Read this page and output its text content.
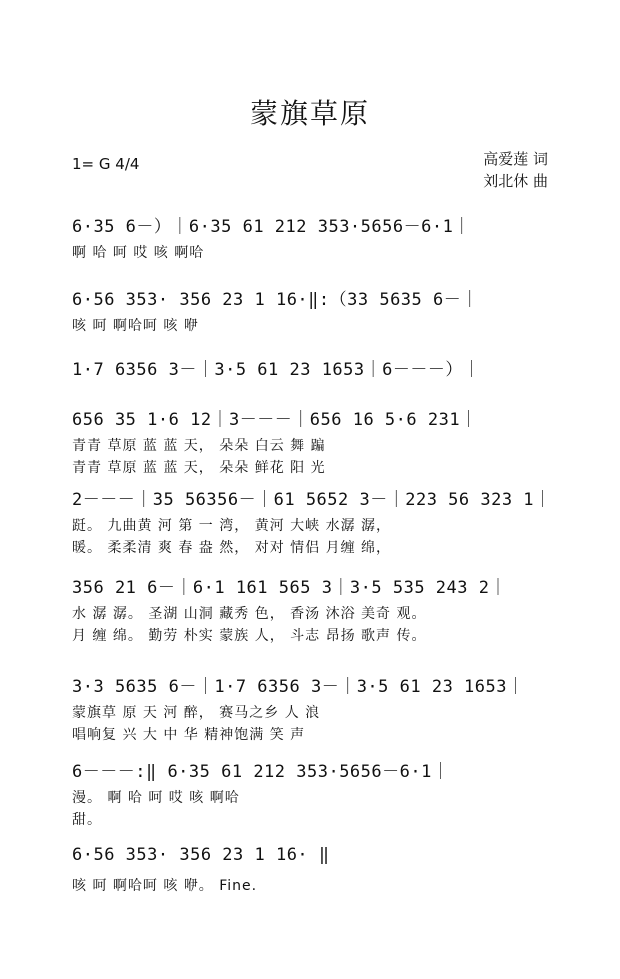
蒙旗草原
1= G 4/4	高爱莲 词
刘北休 曲
6·35 6－）｜6·35 61 212 353·5656－6·1｜
啊 哈 呵 哎 咳 啊哈
6·56 353· 356 23 1 16·‖:（33 5635 6－｜
咳 呵 啊哈呵 咳 咿
1·7 6356 3－｜3·5 61 23 1653｜6－－－）｜
656 35 1·6 12｜3－－－｜656 16 5·6 231｜
青青 草原 蓝 蓝 天， 朵朵 白云 舞 蹁
青青 草原 蓝 蓝 天， 朵朵 鲜花 阳 光
2－－－｜35 56356－｜61 5652 3－｜223 56 323 1｜
跹。 九曲黄 河 第 一 湾， 黄河 大峡 水潺 潺，
暖。 柔柔清 爽 春 盎 然， 对对 情侣 月缠 绵，
356 21 6－｜6·1 161 565 3｜3·5 535 243 2｜
水 潺 潺。 圣湖 山洞 藏秀 色， 香汤 沐浴 美奇 观。
月 缠 绵。 勤劳 朴实 蒙族 人， 斗志 昂扬 歌声 传。
3·3 5635 6－｜1·7 6356 3－｜3·5 61 23 1653｜
蒙旗草 原 天 河 醉， 赛马之乡 人 浪
唱响复 兴 大 中 华 精神饱满 笑 声
6－－－:‖ 6·35 61 212 353·5656－6·1｜
漫。 啊 哈 呵 哎 咳 啊哈
甜。
6·56 353· 356 23 1 16· ‖
咳 呵 啊哈呵 咳 咿。 Fine.
